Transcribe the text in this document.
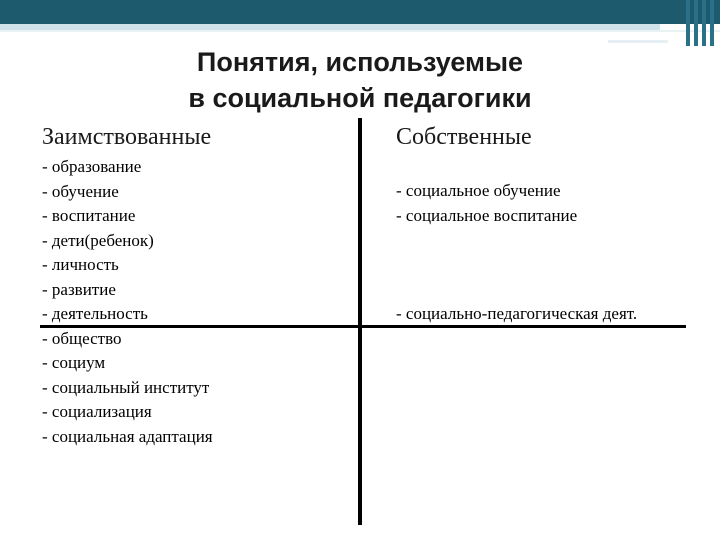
Понятия, используемые
в социальной педагогики
Заимствованные	Собственные
- образование
- обучение
- воспитание
- дети(ребенок)
- личность
- развитие
- деятельность
- общество
- социум
- социальный институт
- социализация
- социальная адаптация
- социальное обучение
- социальное воспитание
- социально-педагогическая деят.
